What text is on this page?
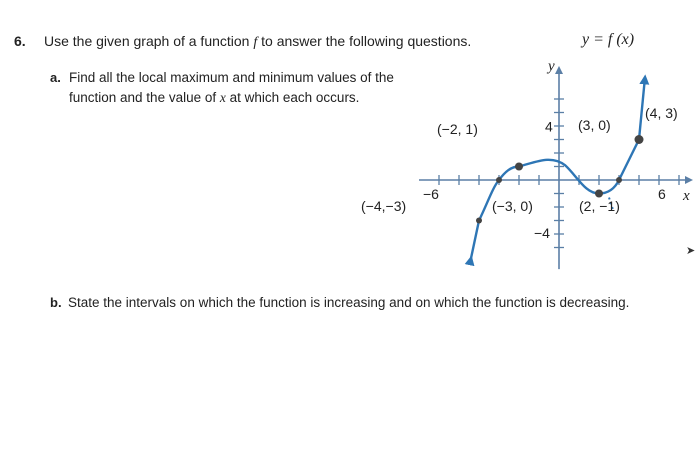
6. Use the given graph of a function f to answer the following questions.	y = f (x)
a. Find all the local maximum and minimum values of the
function and the value of x at which each occurs.
b. State the intervals on which the function is increasing and on which the function is decreasing.
➤
y
x
4
−4
−6	6
(−2, 1)	(3, 0)
(4, 3)
(−4,−3)	(−3, 0)	(2, −1)
